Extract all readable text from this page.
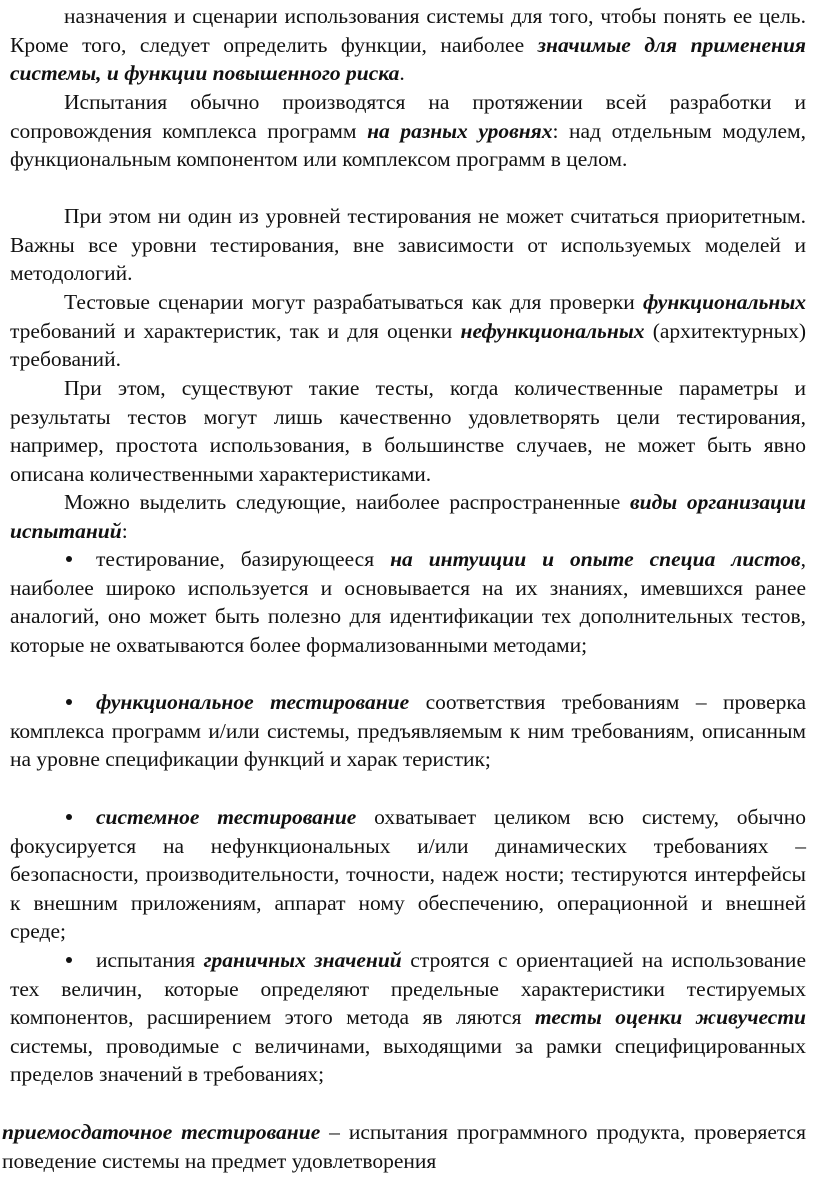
назначения и сценарии использования системы для того, чтобы понять ее цель. Кроме того, следует определить функции, наиболее значимые для применения системы, и функции повышенного риска.

Испытания обычно производятся на протяжении всей разработки и сопровождения комплекса программ на разных уровнях: над отдельным модулем, функциональным компонентом или комплексом программ в целом.

При этом ни один из уровней тестирования не может считаться приоритетным. Важны все уровни тестирования, вне зависимости от используемых моделей и методологий.

Тестовые сценарии могут разрабатываться как для проверки функциональных требований и характеристик, так и для оценки нефункциональных (архитектурных) требований.

При этом, существуют такие тесты, когда количественные параметры и результаты тестов могут лишь качественно удовлетворять цели тестирования, например, простота использования, в большинстве случаев, не может быть явно описана количественными характеристиками.

Можно выделить следующие, наиболее распространенные виды организации испытаний:

тестирование, базирующееся на интуиции и опыте специа листов, наиболее широко используется и основывается на их знаниях, имевшихся ранее аналогий, оно может быть полезно для идентификации тех дополнительных тестов, которые не охватываются более формализованными методами;

функциональное тестирование соответствия требованиям – проверка комплекса программ и/или системы, предъявляемым к ним требованиям, описанным на уровне спецификации функций и харак теристик;

системное тестирование охватывает целиком всю систему, обычно фокусируется на нефункциональных и/или динамических требованиях – безопасности, производительности, точности, надеж ности; тестируются интерфейсы к внешним приложениям, аппарат ному обеспечению, операционной и внешней среде;

испытания граничных значений строятся с ориентацией на использование тех величин, которые определяют предельные характеристики тестируемых компонентов, расширением этого метода яв ляются тесты оценки живучести системы, проводимые с величинами, выходящими за рамки специфицированных пределов значений в требованиях;

приемосдаточное тестирование – испытания программного продукта, проверяется поведение системы на предмет удовлетворения
